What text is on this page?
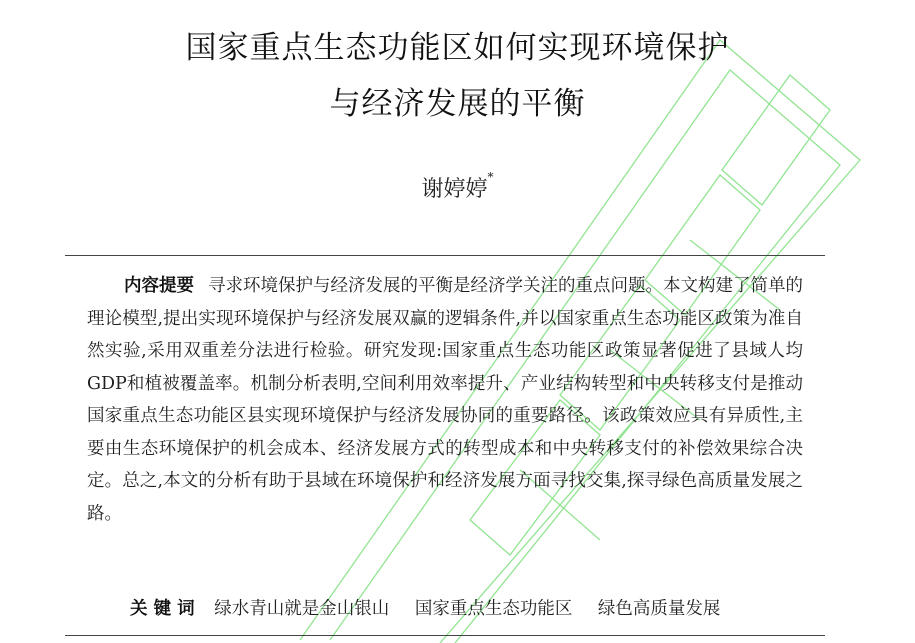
国家重点生态功能区如何实现环境保护
与经济发展的平衡
谢婷婷*

内容提要 寻求环境保护与经济发展的平衡是经济学关注的重点问题。本文构建了简单的理论模型,提出实现环境保护与经济发展双赢的逻辑条件,并以国家重点生态功能区政策为准自然实验,采用双重差分法进行检验。研究发现:国家重点生态功能区政策显著促进了县域人均GDP和植被覆盖率。机制分析表明,空间利用效率提升、产业结构转型和中央转移支付是推动国家重点生态功能区县实现环境保护与经济发展协同的重要路径。该政策效应具有异质性,主要由生态环境保护的机会成本、经济发展方式的转型成本和中央转移支付的补偿效果综合决定。总之,本文的分析有助于县域在环境保护和经济发展方面寻找交集,探寻绿色高质量发展之路。

关 键 词 绿水青山就是金山银山 国家重点生态功能区 绿色高质量发展
